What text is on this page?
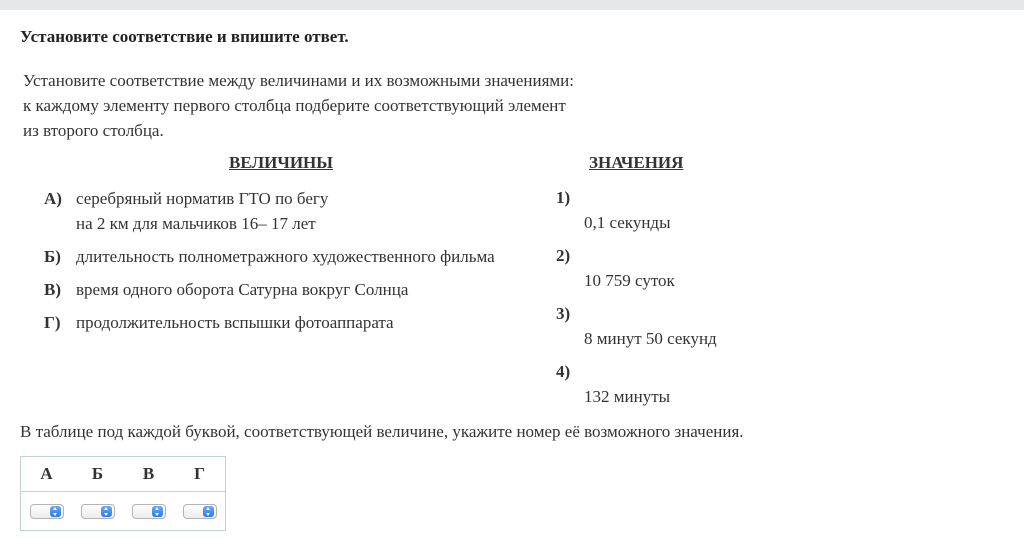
Установите соответствие и впишите ответ.
Установите соответствие между величинами и их возможными значениями:
к каждому элементу первого столбца подберите соответствующий элемент
из второго столбца.
ВЕЛИЧИНЫ	ЗНАЧЕНИЯ
А) серебряный норматив ГТО по бегу
на 2 км для мальчиков 16– 17 лет
Б) длительность полнометражного художественного фильма
В) время одного оборота Сатурна вокруг Солнца
Г) продолжительность вспышки фотоаппарата
1)
0,1 секунды
2)
10 759 суток
3)
8 минут 50 секунд
4)
132 минуты
В таблице под каждой буквой, соответствующей величине, укажите номер её возможного значения.
А	Б	В	Г
